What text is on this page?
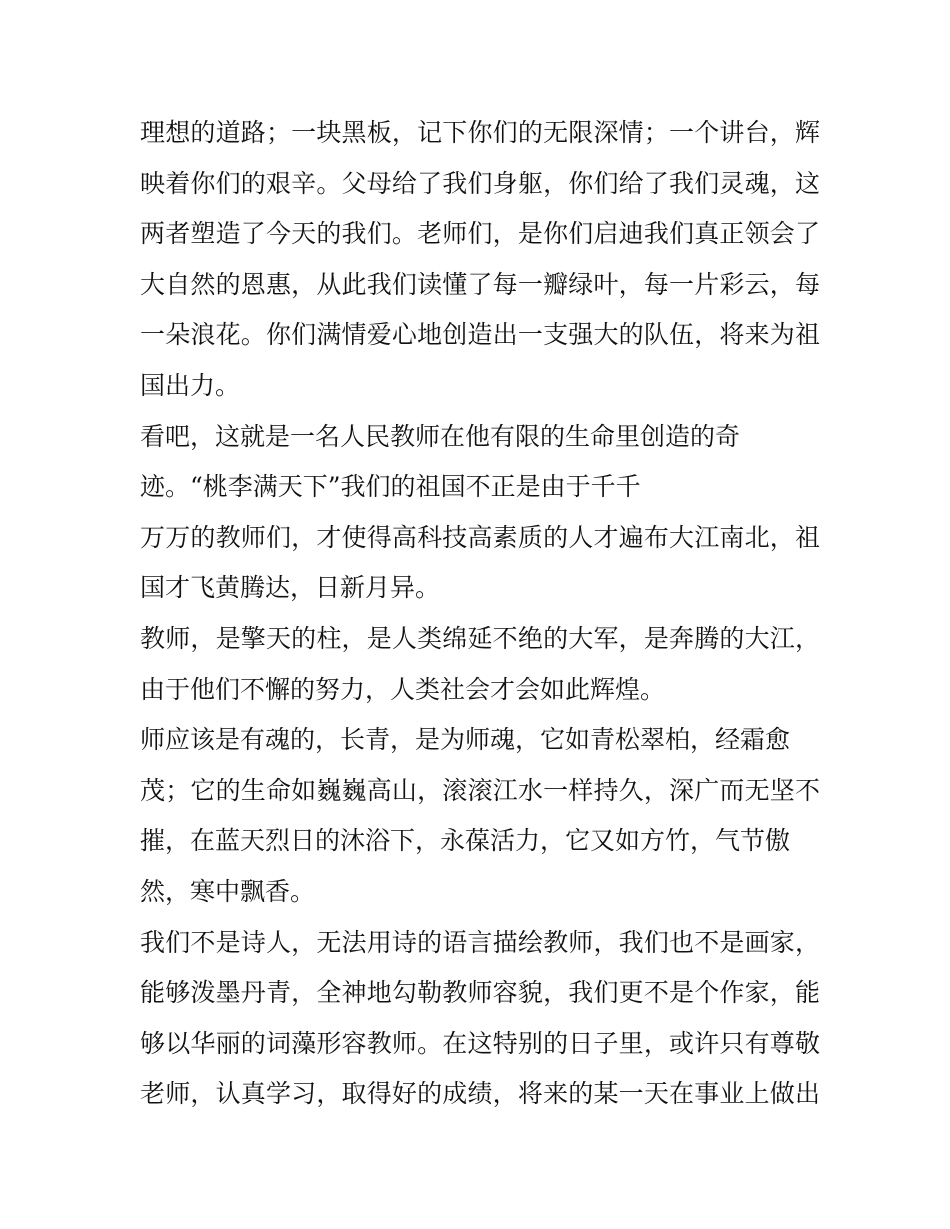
理想的道路；一块黑板，记下你们的无限深情；一个讲台，辉
映着你们的艰辛。父母给了我们身躯，你们给了我们灵魂，这
两者塑造了今天的我们。老师们，是你们启迪我们真正领会了
大自然的恩惠，从此我们读懂了每一瓣绿叶，每一片彩云，每
一朵浪花。你们满情爱心地创造出一支强大的队伍，将来为祖
国出力。
看吧，这就是一名人民教师在他有限的生命里创造的奇
迹。“桃李满天下”我们的祖国不正是由于千千
万万的教师们，才使得高科技高素质的人才遍布大江南北，祖
国才飞黄腾达，日新月异。
教师，是擎天的柱，是人类绵延不绝的大军，是奔腾的大江，
由于他们不懈的努力，人类社会才会如此辉煌。
师应该是有魂的，长青，是为师魂，它如青松翠柏，经霜愈
茂；它的生命如巍巍高山，滚滚江水一样持久，深广而无坚不
摧，在蓝天烈日的沐浴下，永葆活力，它又如方竹，气节傲
然，寒中飘香。
我们不是诗人，无法用诗的语言描绘教师，我们也不是画家，
能够泼墨丹青，全神地勾勒教师容貌，我们更不是个作家，能
够以华丽的词藻形容教师。在这特别的日子里，或许只有尊敬
老师，认真学习，取得好的成绩，将来的某一天在事业上做出
